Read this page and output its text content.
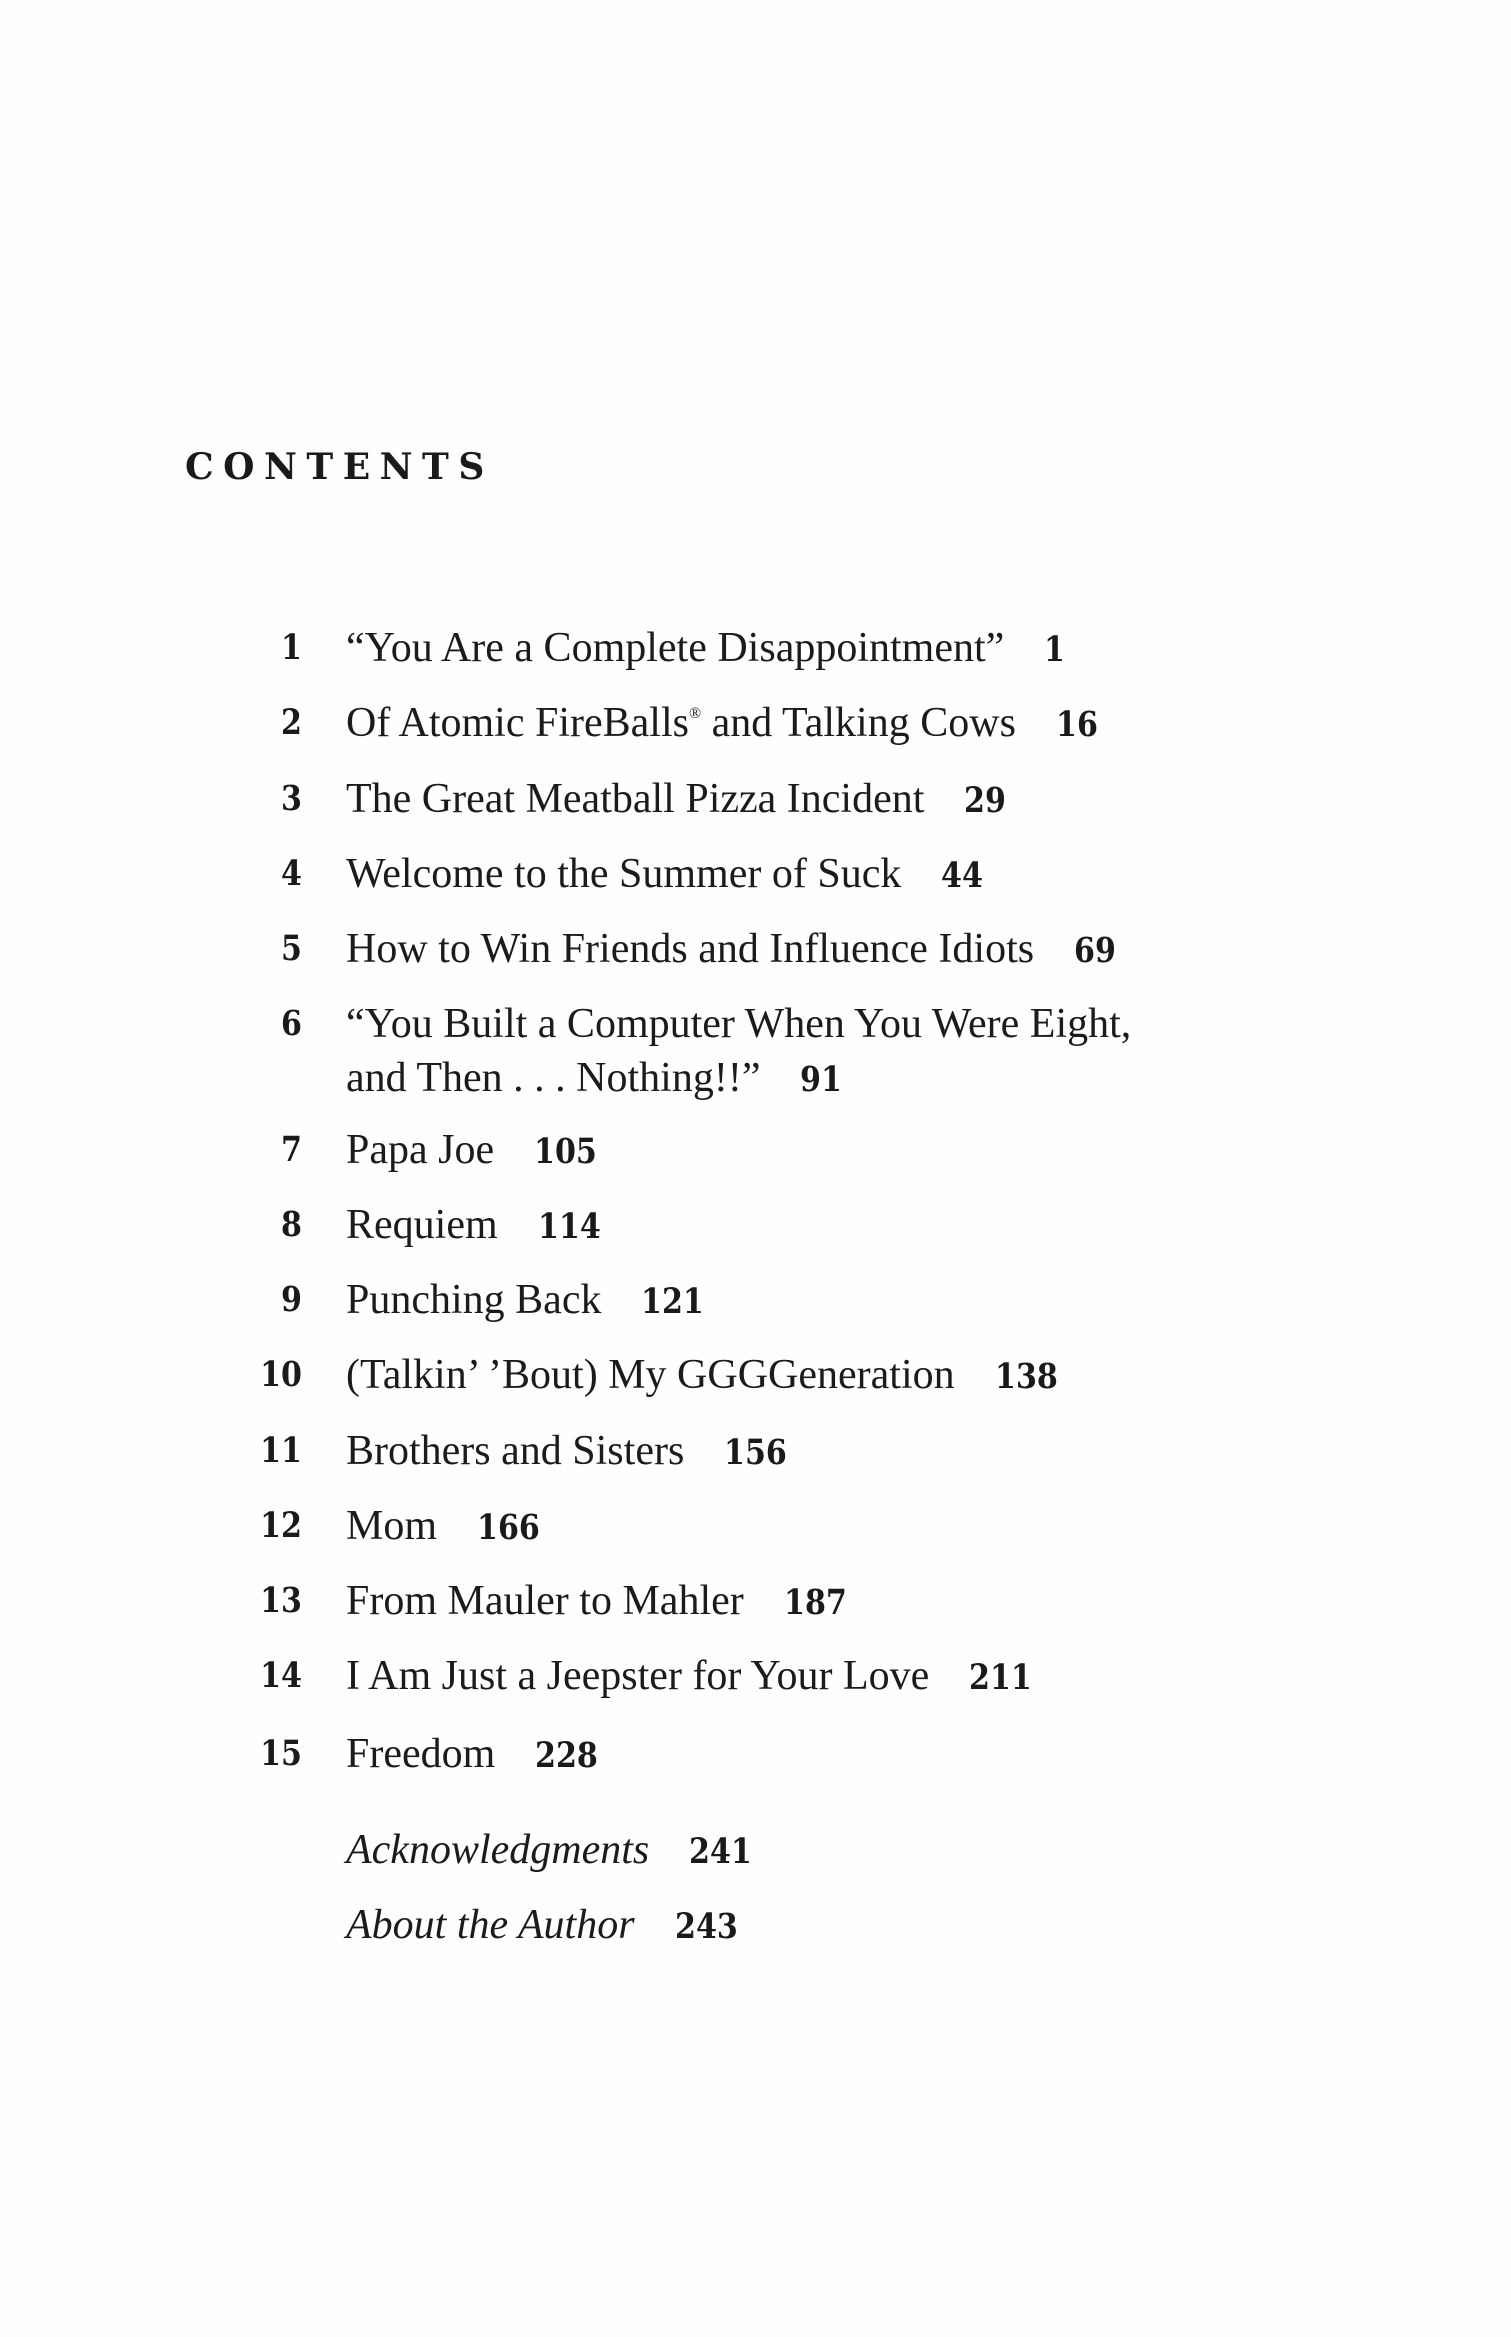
CONTENTS
1 “You Are a Complete Disappointment” 1
2 Of Atomic FireBalls® and Talking Cows 16
3 The Great Meatball Pizza Incident 29
4 Welcome to the Summer of Suck 44
5 How to Win Friends and Influence Idiots 69
6 “You Built a Computer When You Were Eight,
and Then . . . Nothing!!” 91
7 Papa Joe 105
8 Requiem 114
9 Punching Back 121
10 (Talkin’ ’Bout) My GGGGeneration 138
11 Brothers and Sisters 156
12 Mom 166
13 From Mauler to Mahler 187
14 I Am Just a Jeepster for Your Love 211
15 Freedom 228
Acknowledgments 241
About the Author 243
